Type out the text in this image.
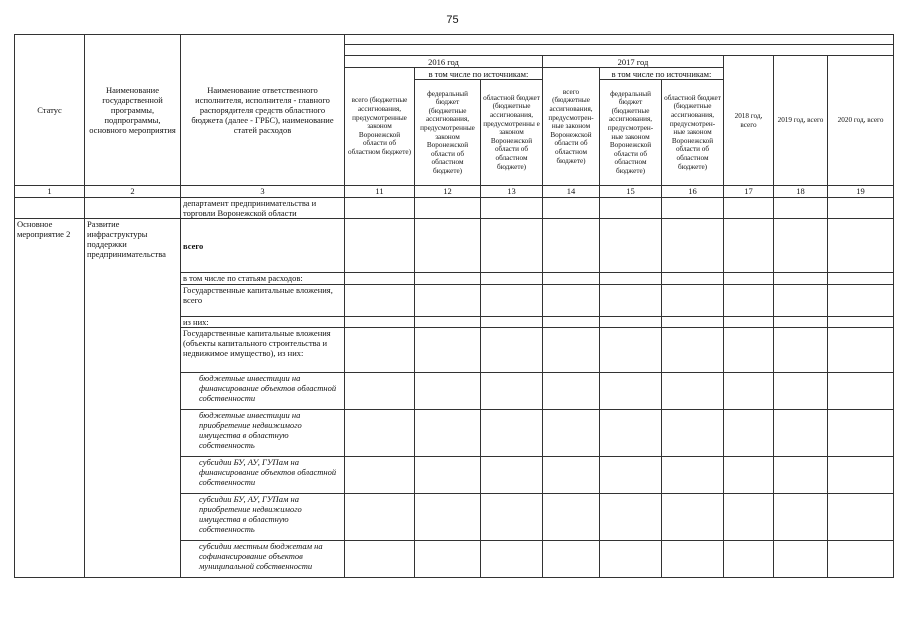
75
Статус	Наименование государственной программы, подпрограммы, основного мероприятия	Наименование ответственного исполнителя, исполнителя - главного распорядителя средств областного бюджета (далее - ГРБС), наименование статей расходов									

			2016 год			2017 год			2018 год, всего	2019 год, всего	2020 год, всего
			всего (бюджетные ассигнования, предусмотренные законом Воронежской области об областном бюджете)	в том числе по источникам:		всего (бюджетные ассигнования, предусмотрен-ные законом Воронежской области об областном бюджете)	в том числе по источникам:				
				федеральный бюджет (бюджетные ассигнования, предусмотренные законом Воронежской области об областном бюджете)	областной бюджет (бюджетные ассигнования, предусмотренны е законом Воронежской области об областном бюджете)		федеральный бюджет (бюджетные ассигнования, предусмотрен-ные законом Воронежской области об областном бюджете)	областной бюджет (бюджетные ассигнования, предусмотрен-ные законом Воронежской области об областном бюджете)			
1	2	3	11	12	13	14	15	16	17	18	19
		департамент предпринимательства и торговли Воронежской области									
Основное мероприятие 2	Развитие инфраструктуры поддержки предпринимательства	всего									
		в том числе по статьям расходов:									
		Государственные капитальные вложения, всего									
		из них:									
		Государственные капитальные вложения (объекты капитального строительства и недвижимое имущество), из них:									
		бюджетные инвестиции на финансирование объектов областной собственности									
		бюджетные инвестиции на приобретение недвижимого имущества в областную собственность									
		субсидии БУ, АУ, ГУПам на финансирование объектов областной собственности									
		субсидии БУ, АУ, ГУПам на приобретение недвижимого имущества в областную собственность									
		субсидии местным бюджетам на софинансирование объектов муниципальной собственности									
